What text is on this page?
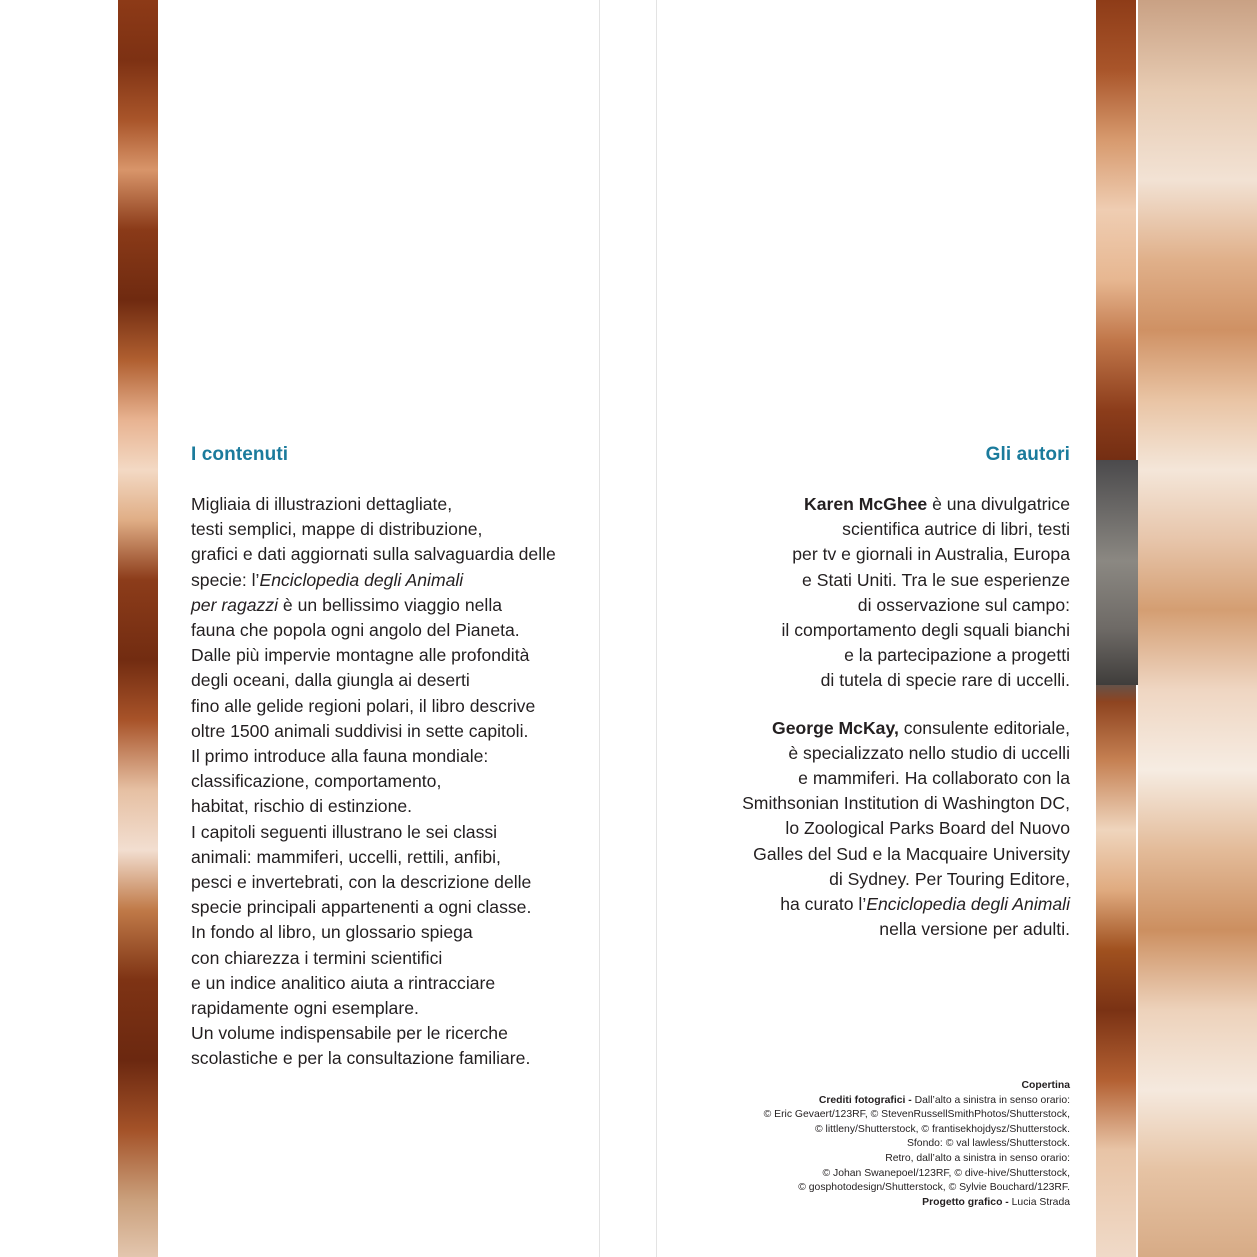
I contenuti

Migliaia di illustrazioni dettagliate,
testi semplici, mappe di distribuzione,
grafici e dati aggiornati sulla salvaguardia delle
specie: l’Enciclopedia degli Animali
per ragazzi è un bellissimo viaggio nella
fauna che popola ogni angolo del Pianeta.
Dalle più impervie montagne alle profondità
degli oceani, dalla giungla ai deserti
fino alle gelide regioni polari, il libro descrive
oltre 1500 animali suddivisi in sette capitoli.
Il primo introduce alla fauna mondiale:
classificazione, comportamento,
habitat, rischio di estinzione.
I capitoli seguenti illustrano le sei classi
animali: mammiferi, uccelli, rettili, anfibi,
pesci e invertebrati, con la descrizione delle
specie principali appartenenti a ogni classe.
In fondo al libro, un glossario spiega
con chiarezza i termini scientifici
e un indice analitico aiuta a rintracciare
rapidamente ogni esemplare.
Un volume indispensabile per le ricerche
scolastiche e per la consultazione familiare.

Gli autori

Karen McGhee è una divulgatrice
scientifica autrice di libri, testi
per tv e giornali in Australia, Europa
e Stati Uniti. Tra le sue esperienze
di osservazione sul campo:
il comportamento degli squali bianchi
e la partecipazione a progetti
di tutela di specie rare di uccelli.

George McKay, consulente editoriale,
è specializzato nello studio di uccelli
e mammiferi. Ha collaborato con la
Smithsonian Institution di Washington DC,
lo Zoological Parks Board del Nuovo
Galles del Sud e la Macquaire University
di Sydney. Per Touring Editore,
ha curato l’Enciclopedia degli Animali
nella versione per adulti.

Copertina
Crediti fotografici - Dall’alto a sinistra in senso orario:
© Eric Gevaert/123RF, © StevenRussellSmithPhotos/Shutterstock,
© littleny/Shutterstock, © frantisekhojdysz/Shutterstock.
Sfondo: © val lawless/Shutterstock.
Retro, dall’alto a sinistra in senso orario:
© Johan Swanepoel/123RF, © dive-hive/Shutterstock,
© gosphotodesign/Shutterstock, © Sylvie Bouchard/123RF.
Progetto grafico - Lucia Strada
